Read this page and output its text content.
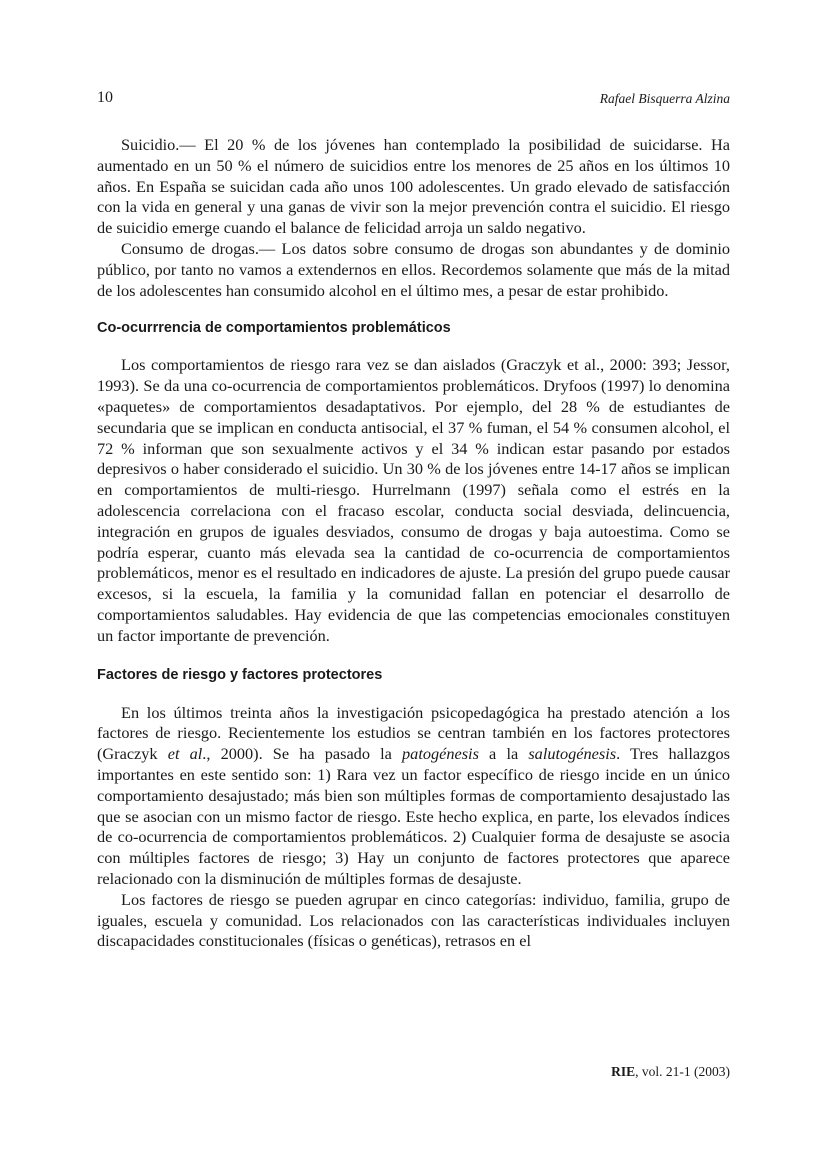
10	Rafael Bisquerra Alzina

Suicidio.— El 20 % de los jóvenes han contemplado la posibilidad de suicidarse. Ha aumentado en un 50 % el número de suicidios entre los menores de 25 años en los últimos 10 años. En España se suicidan cada año unos 100 adolescentes. Un grado elevado de satisfacción con la vida en general y una ganas de vivir son la mejor prevención contra el suicidio. El riesgo de suicidio emerge cuando el balance de felicidad arroja un saldo negativo.

Consumo de drogas.— Los datos sobre consumo de drogas son abundantes y de dominio público, por tanto no vamos a extendernos en ellos. Recordemos solamente que más de la mitad de los adolescentes han consumido alcohol en el último mes, a pesar de estar prohibido.

Co-ocurrrencia de comportamientos problemáticos

Los comportamientos de riesgo rara vez se dan aislados (Graczyk et al., 2000: 393; Jessor, 1993). Se da una co-ocurrencia de comportamientos problemáticos. Dryfoos (1997) lo denomina «paquetes» de comportamientos desadaptativos. Por ejemplo, del 28 % de estudiantes de secundaria que se implican en conducta antisocial, el 37 % fuman, el 54 % consumen alcohol, el 72 % informan que son sexualmente activos y el 34 % indican estar pasando por estados depresivos o haber considerado el suicidio. Un 30 % de los jóvenes entre 14-17 años se implican en comportamientos de multi-riesgo. Hurrelmann (1997) señala como el estrés en la adolescencia correlaciona con el fracaso escolar, conducta social desviada, delincuencia, integración en grupos de iguales desviados, consumo de drogas y baja autoestima. Como se podría esperar, cuanto más elevada sea la cantidad de co-ocurrencia de comportamientos problemáticos, menor es el resultado en indicadores de ajuste. La presión del grupo puede causar excesos, si la escuela, la familia y la comunidad fallan en potenciar el desarrollo de comportamientos saludables. Hay evidencia de que las competencias emocionales constituyen un factor importante de prevención.

Factores de riesgo y factores protectores

En los últimos treinta años la investigación psicopedagógica ha prestado atención a los factores de riesgo. Recientemente los estudios se centran también en los factores protectores (Graczyk et al., 2000). Se ha pasado la patogénesis a la salutogénesis. Tres hallazgos importantes en este sentido son: 1) Rara vez un factor específico de riesgo incide en un único comportamiento desajustado; más bien son múltiples formas de comportamiento desajustado las que se asocian con un mismo factor de riesgo. Este hecho explica, en parte, los elevados índices de co-ocurrencia de comportamientos problemáticos. 2) Cualquier forma de desajuste se asocia con múltiples factores de riesgo; 3) Hay un conjunto de factores protectores que aparece relacionado con la disminución de múltiples formas de desajuste.

Los factores de riesgo se pueden agrupar en cinco categorías: individuo, familia, grupo de iguales, escuela y comunidad. Los relacionados con las características individuales incluyen discapacidades constitucionales (físicas o genéticas), retrasos en el

RIE, vol. 21-1 (2003)
